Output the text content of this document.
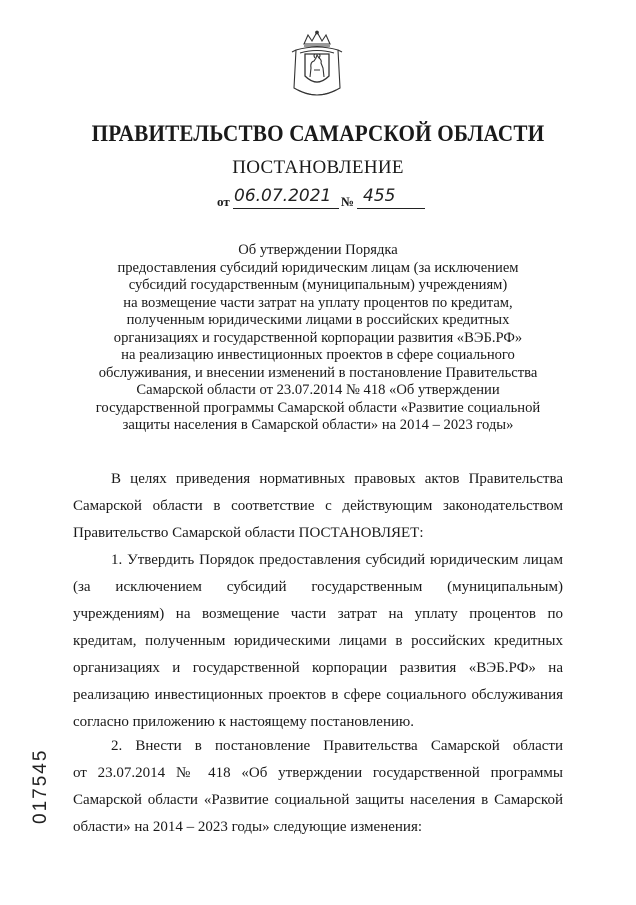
ПРАВИТЕЛЬСТВО САМАРСКОЙ ОБЛАСТИ
ПОСТАНОВЛЕНИЕ
от 06.07.2021 № 455
Об утверждении Порядка
предоставления субсидий юридическим лицам (за исключением
субсидий государственным (муниципальным) учреждениям)
на возмещение части затрат на уплату процентов по кредитам,
полученным юридическими лицами в российских кредитных
организациях и государственной корпорации развития «ВЭБ.РФ»
на реализацию инвестиционных проектов в сфере социального
обслуживания, и внесении изменений в постановление Правительства
Самарской области от 23.07.2014 № 418 «Об утверждении
государственной программы Самарской области «Развитие социальной
защиты населения в Самарской области» на 2014 – 2023 годы»
В целях приведения нормативных правовых актов Правительства
Самарской области в соответствие с действующим законодательством
Правительство Самарской области ПОСТАНОВЛЯЕТ:
1. Утвердить Порядок предоставления субсидий юридическим лицам
(за исключением субсидий государственным (муниципальным)
учреждениям) на возмещение части затрат на уплату процентов по
кредитам, полученным юридическими лицами в российских кредитных
организациях и государственной корпорации развития «ВЭБ.РФ» на
реализацию инвестиционных проектов в сфере социального обслуживания
согласно приложению к настоящему постановлению.
2. Внести в постановление Правительства Самарской области
от 23.07.2014 № 418 «Об утверждении государственной программы
Самарской области «Развитие социальной защиты населения в Самарской
области» на 2014 – 2023 годы» следующие изменения:
017545
